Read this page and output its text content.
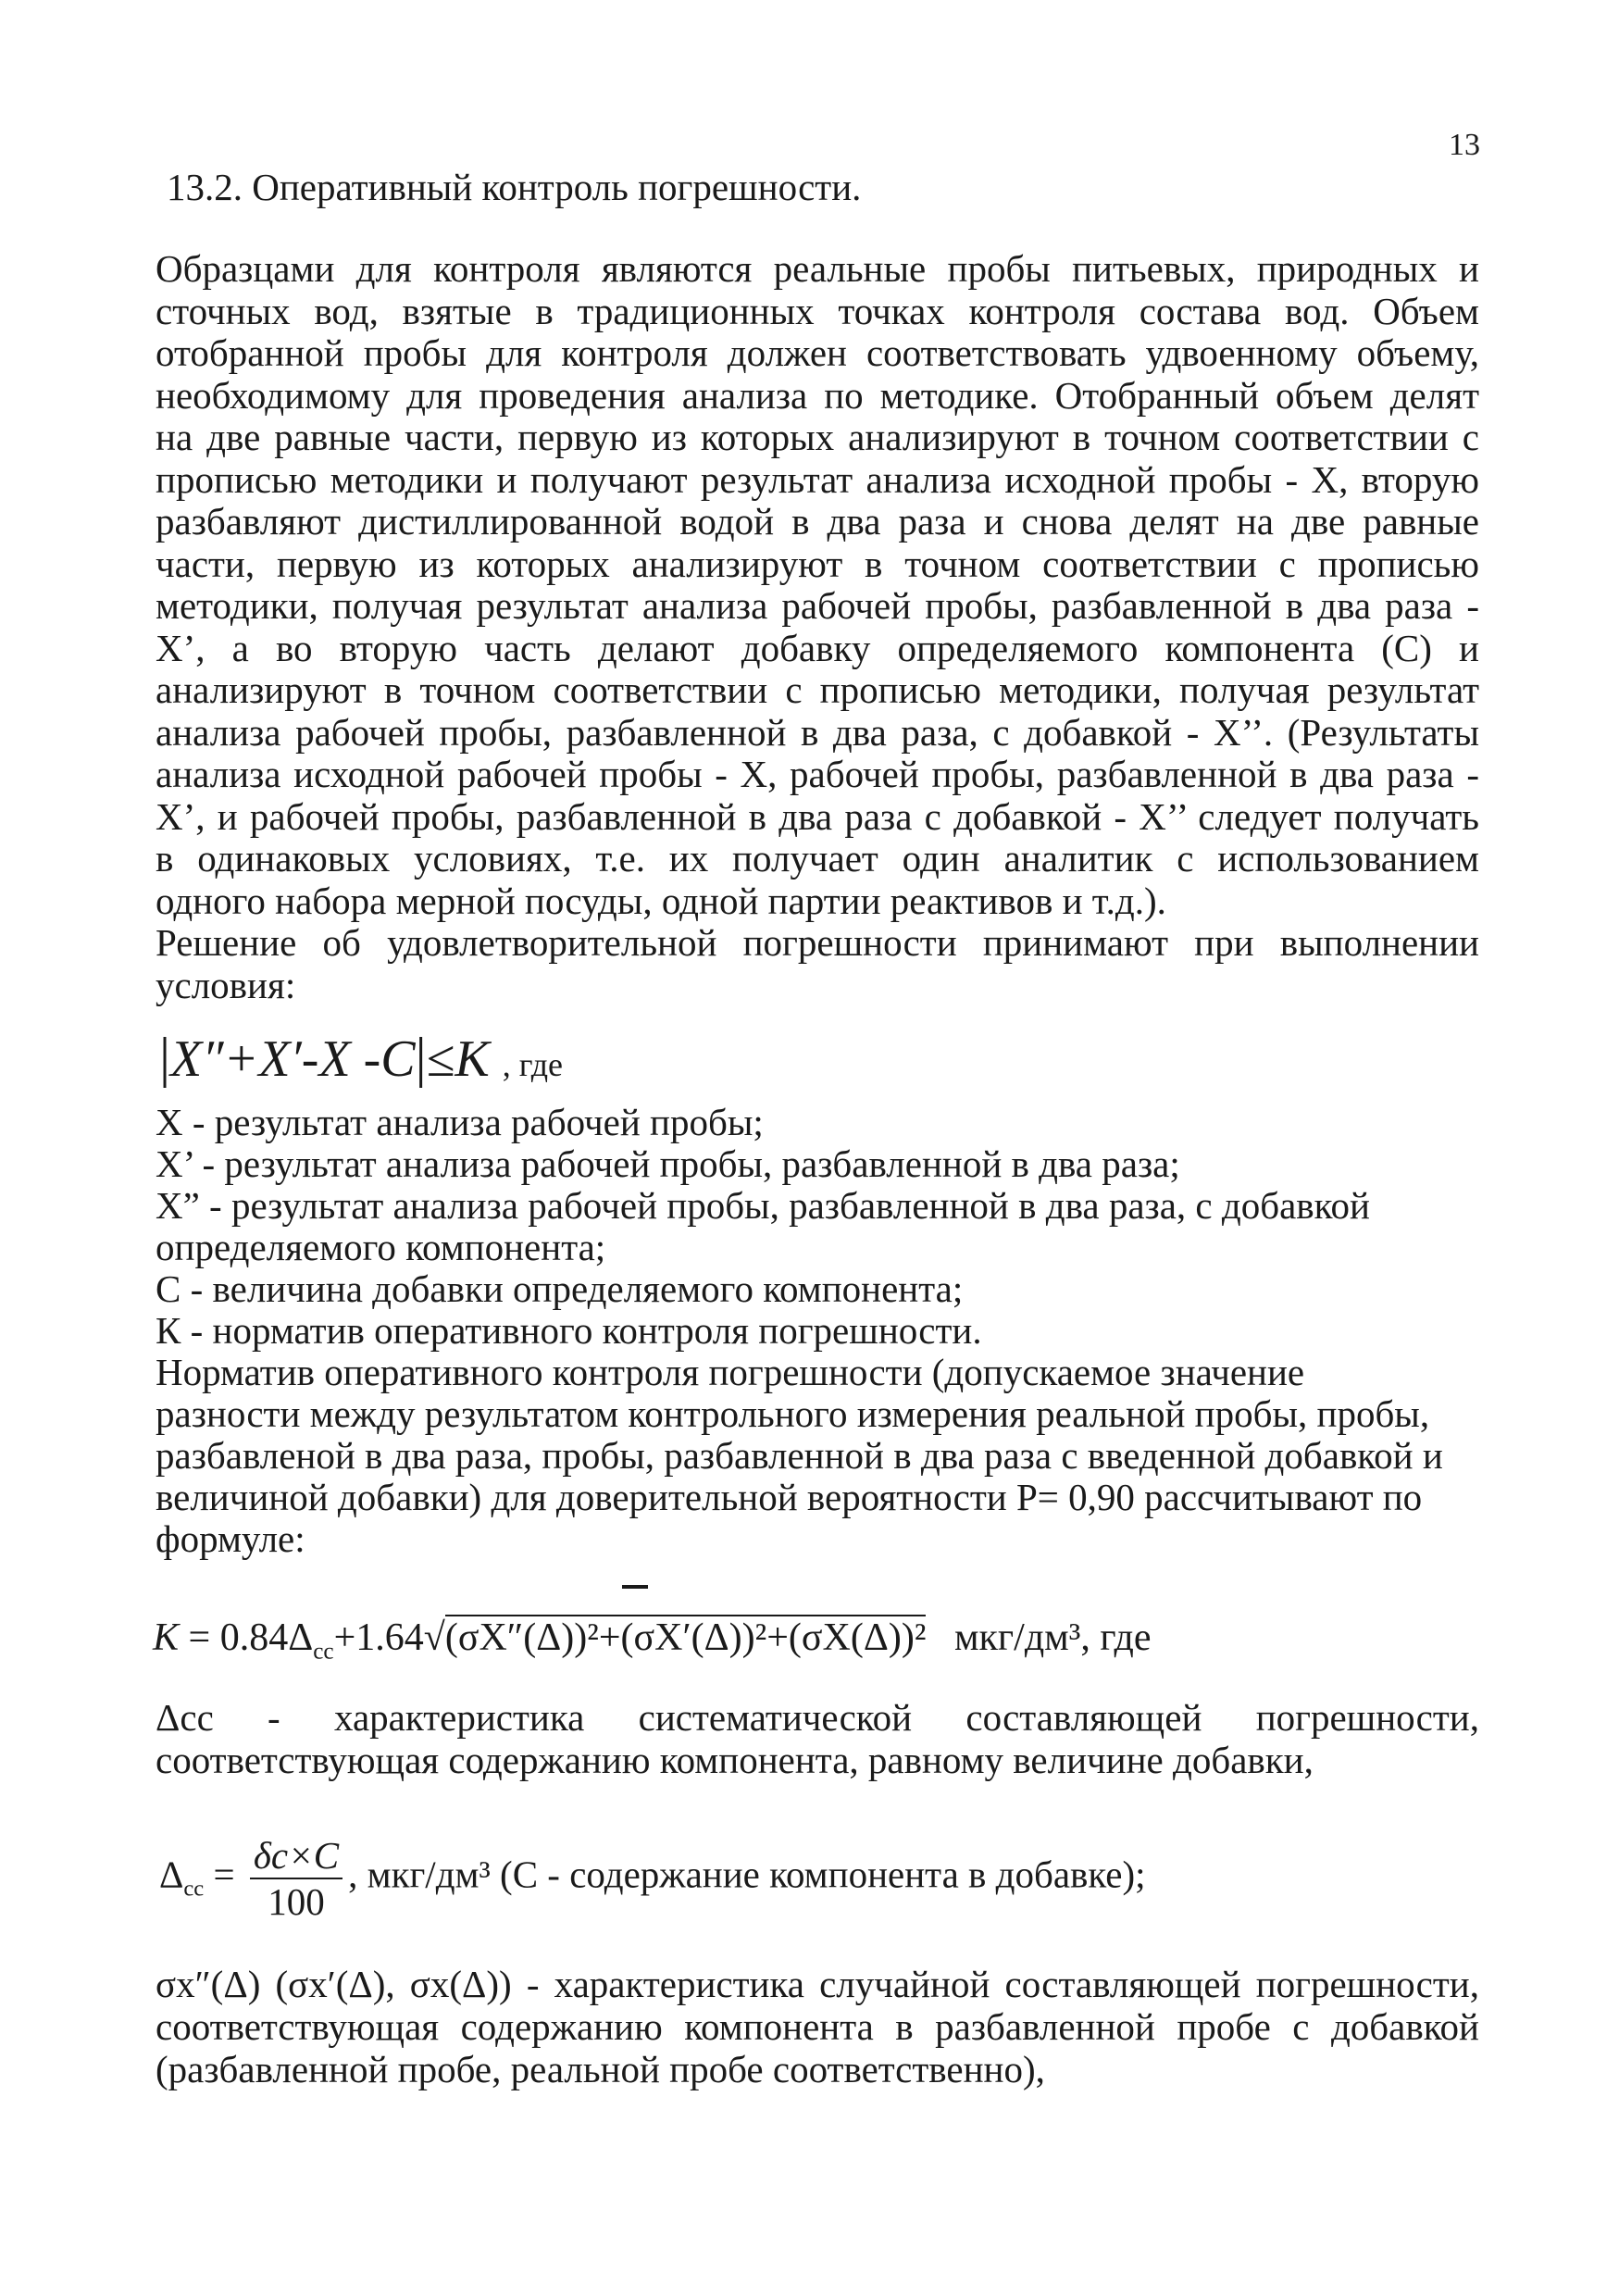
13
13.2. Оперативный контроль погрешности.
Образцами для контроля являются реальные пробы питьевых, природных и
сточных вод, взятые в традиционных точках контроля состава вод. Объем
отобранной пробы для контроля должен соответствовать удвоенному объему,
необходимому для проведения анализа по методике. Отобранный объем делят
на две равные части, первую из которых анализируют в точном соответствии с
прописью методики и получают результат анализа исходной пробы - X, вторую
разбавляют дистиллированной водой в два раза и снова делят на две равные
части, первую из которых анализируют в точном соответствии с прописью
методики, получая результат анализа рабочей пробы, разбавленной в два раза -
X’, а во вторую часть делают добавку определяемого компонента (С) и
анализируют в точном соответствии с прописью методики, получая результат
анализа рабочей пробы, разбавленной в два раза, с добавкой - X’’. (Результаты
анализа исходной рабочей пробы - X, рабочей пробы, разбавленной в два раза -
X’, и рабочей пробы, разбавленной в два раза с добавкой - X’’ следует получать
в одинаковых условиях, т.е. их получает один аналитик с использованием
одного набора мерной посуды, одной партии реактивов и т.д.).
Решение об удовлетворительной погрешности принимают при выполнении
условия:
|X″+X′-X -C|≤K , где
X - результат анализа рабочей пробы;
X’ - результат анализа рабочей пробы, разбавленной в два раза;
X” - результат анализа рабочей пробы, разбавленной в два раза, с добавкой
определяемого компонента;
С - величина добавки определяемого компонента;
К - норматив оперативного контроля погрешности.
Норматив оперативного контроля погрешности (допускаемое значение
разности между результатом контрольного измерения реальной пробы, пробы,
разбавленой в два раза, пробы, разбавленной в два раза с введенной добавкой и
величиной добавки) для доверительной вероятности Р= 0,90 рассчитывают по
формуле:
$K = 0.84\Delta_{cc}+1.64√(\sigma X''(\Delta))^2+(\sigma X'(\Delta))^2+(\sigma X(\Delta))^2$ мкг/дм³, где
Δсс - характеристика систематической составляющей погрешности,
соответствующая содержанию компонента, равному величине добавки,
$\Delta_{cc} = \frac{\delta c\times C}{100}$ , мкг/дм³ (С - содержание компонента в добавке);
σx″(Δ) (σx′(Δ), σx(Δ)) - характеристика случайной составляющей погрешности,
соответствующая содержанию компонента в разбавленной пробе с добавкой
(разбавленной пробе, реальной пробе соответственно),
